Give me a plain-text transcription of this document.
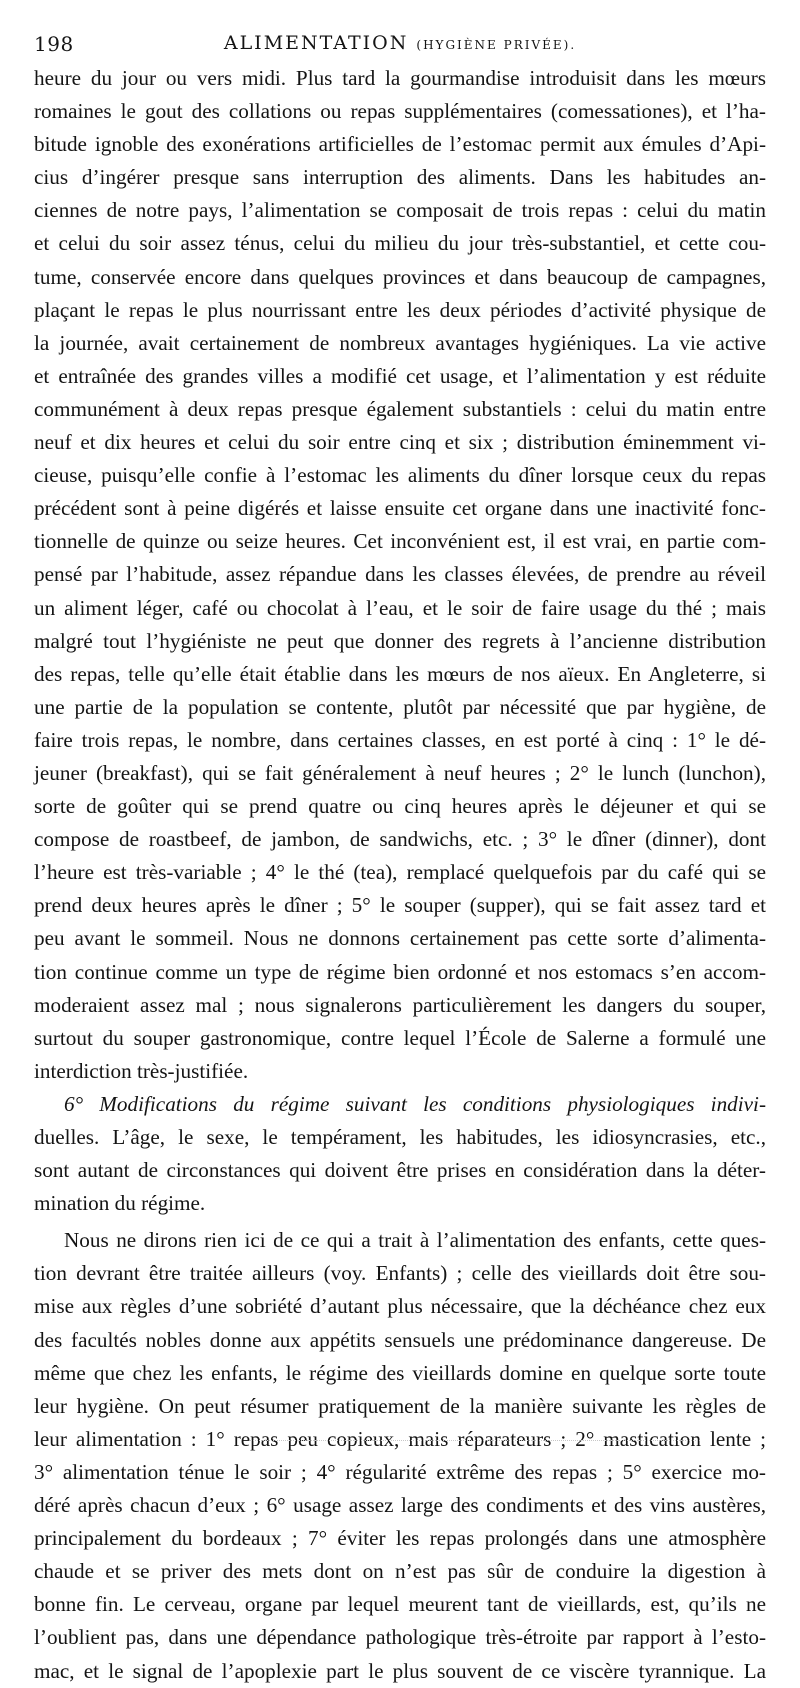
198	ALIMENTATION (HYGIÈNE PRIVÉE).
heure du jour ou vers midi. Plus tard la gourmandise introduisit dans les mœurs
romaines le gout des collations ou repas supplémentaires (comessationes), et l’ha-
bitude ignoble des exonérations artificielles de l’estomac permit aux émules d’Api-
cius d’ingérer presque sans interruption des aliments. Dans les habitudes an-
ciennes de notre pays, l’alimentation se composait de trois repas : celui du matin
et celui du soir assez ténus, celui du milieu du jour très-substantiel, et cette cou-
tume, conservée encore dans quelques provinces et dans beaucoup de campagnes,
plaçant le repas le plus nourrissant entre les deux périodes d’activité physique de
la journée, avait certainement de nombreux avantages hygiéniques. La vie active
et entraînée des grandes villes a modifié cet usage, et l’alimentation y est réduite
communément à deux repas presque également substantiels : celui du matin entre
neuf et dix heures et celui du soir entre cinq et six ; distribution éminemment vi-
cieuse, puisqu’elle confie à l’estomac les aliments du dîner lorsque ceux du repas
précédent sont à peine digérés et laisse ensuite cet organe dans une inactivité fonc-
tionnelle de quinze ou seize heures. Cet inconvénient est, il est vrai, en partie com-
pensé par l’habitude, assez répandue dans les classes élevées, de prendre au réveil
un aliment léger, café ou chocolat à l’eau, et le soir de faire usage du thé ; mais
malgré tout l’hygiéniste ne peut que donner des regrets à l’ancienne distribution
des repas, telle qu’elle était établie dans les mœurs de nos aïeux. En Angleterre, si
une partie de la population se contente, plutôt par nécessité que par hygiène, de
faire trois repas, le nombre, dans certaines classes, en est porté à cinq : 1° le dé-
jeuner (breakfast), qui se fait généralement à neuf heures ; 2° le lunch (lunchon),
sorte de goûter qui se prend quatre ou cinq heures après le déjeuner et qui se
compose de roastbeef, de jambon, de sandwichs, etc. ; 3° le dîner (dinner), dont
l’heure est très-variable ; 4° le thé (tea), remplacé quelquefois par du café qui se
prend deux heures après le dîner ; 5° le souper (supper), qui se fait assez tard et
peu avant le sommeil. Nous ne donnons certainement pas cette sorte d’alimenta-
tion continue comme un type de régime bien ordonné et nos estomacs s’en accom-
moderaient assez mal ; nous signalerons particulièrement les dangers du souper,
surtout du souper gastronomique, contre lequel l’École de Salerne a formulé une
interdiction très-justifiée.
6° Modifications du régime suivant les conditions physiologiques indivi-
duelles. L’âge, le sexe, le tempérament, les habitudes, les idiosyncrasies, etc.,
sont autant de circonstances qui doivent être prises en considération dans la déter-
mination du régime.
Nous ne dirons rien ici de ce qui a trait à l’alimentation des enfants, cette ques-
tion devrant être traitée ailleurs (voy. Enfants) ; celle des vieillards doit être sou-
mise aux règles d’une sobriété d’autant plus nécessaire, que la déchéance chez eux
des facultés nobles donne aux appétits sensuels une prédominance dangereuse. De
même que chez les enfants, le régime des vieillards domine en quelque sorte toute
leur hygiène. On peut résumer pratiquement de la manière suivante les règles de
leur alimentation : 1° repas peu copieux, mais réparateurs ; 2° mastication lente ;
3° alimentation ténue le soir ; 4° régularité extrême des repas ; 5° exercice mo-
déré après chacun d’eux ; 6° usage assez large des condiments et des vins austères,
principalement du bordeaux ; 7° éviter les repas prolongés dans une atmosphère
chaude et se priver des mets dont on n’est pas sûr de conduire la digestion à
bonne fin. Le cerveau, organe par lequel meurent tant de vieillards, est, qu’ils ne
l’oublient pas, dans une dépendance pathologique très-étroite par rapport à l’esto-
mac, et le signal de l’apoplexie part le plus souvent de ce viscère tyrannique. La
